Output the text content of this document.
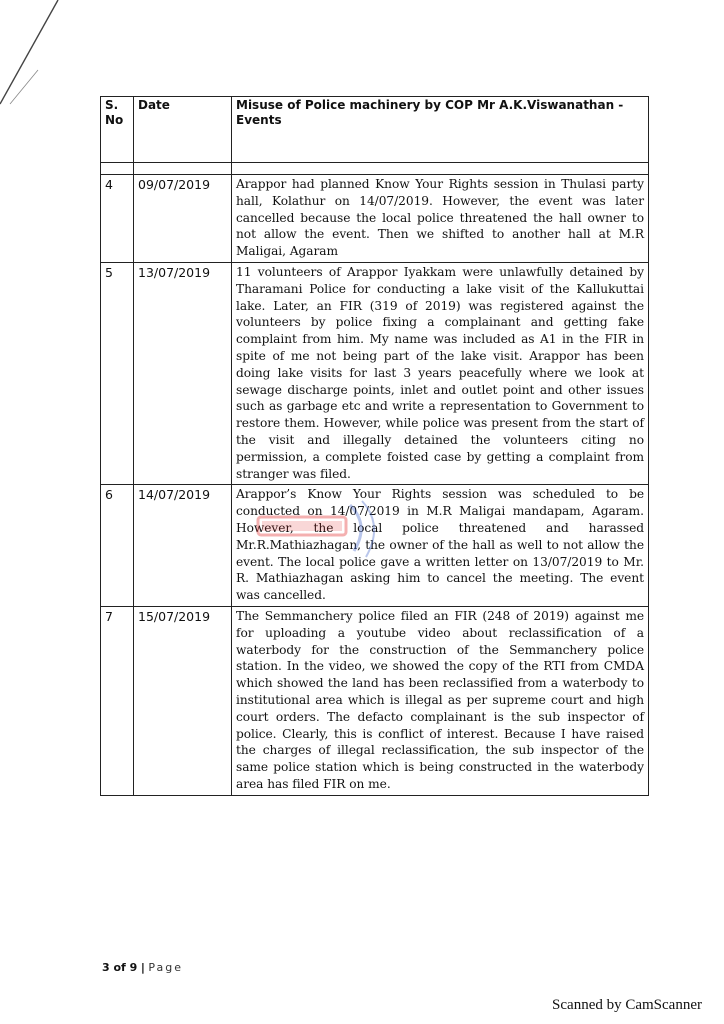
S. No	Date	Misuse of Police machinery by COP Mr A.K.Viswanathan - Events

4	09/07/2019	Arappor had planned Know Your Rights session in Thulasi party hall, Kolathur on 14/07/2019. However, the event was later cancelled because the local police threatened the hall owner to not allow the event. Then we shifted to another hall at M.R Maligai, Agaram
5	13/07/2019	11 volunteers of Arappor Iyakkam were unlawfully detained by Tharamani Police for conducting a lake visit of the Kallukuttai lake. Later, an FIR (319 of 2019) was registered against the volunteers by police fixing a complainant and getting fake complaint from him. My name was included as A1 in the FIR in spite of me not being part of the lake visit. Arappor has been doing lake visits for last 3 years peacefully where we look at sewage discharge points, inlet and outlet point and other issues such as garbage etc and write a representation to Government to restore them. However, while police was present from the start of the visit and illegally detained the volunteers citing no permission, a complete foisted case by getting a complaint from stranger was filed.
6	14/07/2019	Arappor’s Know Your Rights session was scheduled to be conducted on 14/07/2019 in M.R Maligai mandapam, Agaram. However, the local police threatened and harassed Mr.R.Mathiazhagan, the owner of the hall as well to not allow the event. The local police gave a written letter on 13/07/2019 to Mr. R. Mathiazhagan asking him to cancel the meeting. The event was cancelled.
7	15/07/2019	The Semmanchery police filed an FIR (248 of 2019) against me for uploading a youtube video about reclassification of a waterbody for the construction of the Semmanchery police station. In the video, we showed the copy of the RTI from CMDA which showed the land has been reclassified from a waterbody to institutional area which is illegal as per supreme court and high court orders. The defacto complainant is the sub inspector of police. Clearly, this is conflict of interest. Because I have raised the charges of illegal reclassification, the sub inspector of the same police station which is being constructed in the waterbody area has filed FIR on me.
3 of 9 | Page
Scanned by CamScanner
